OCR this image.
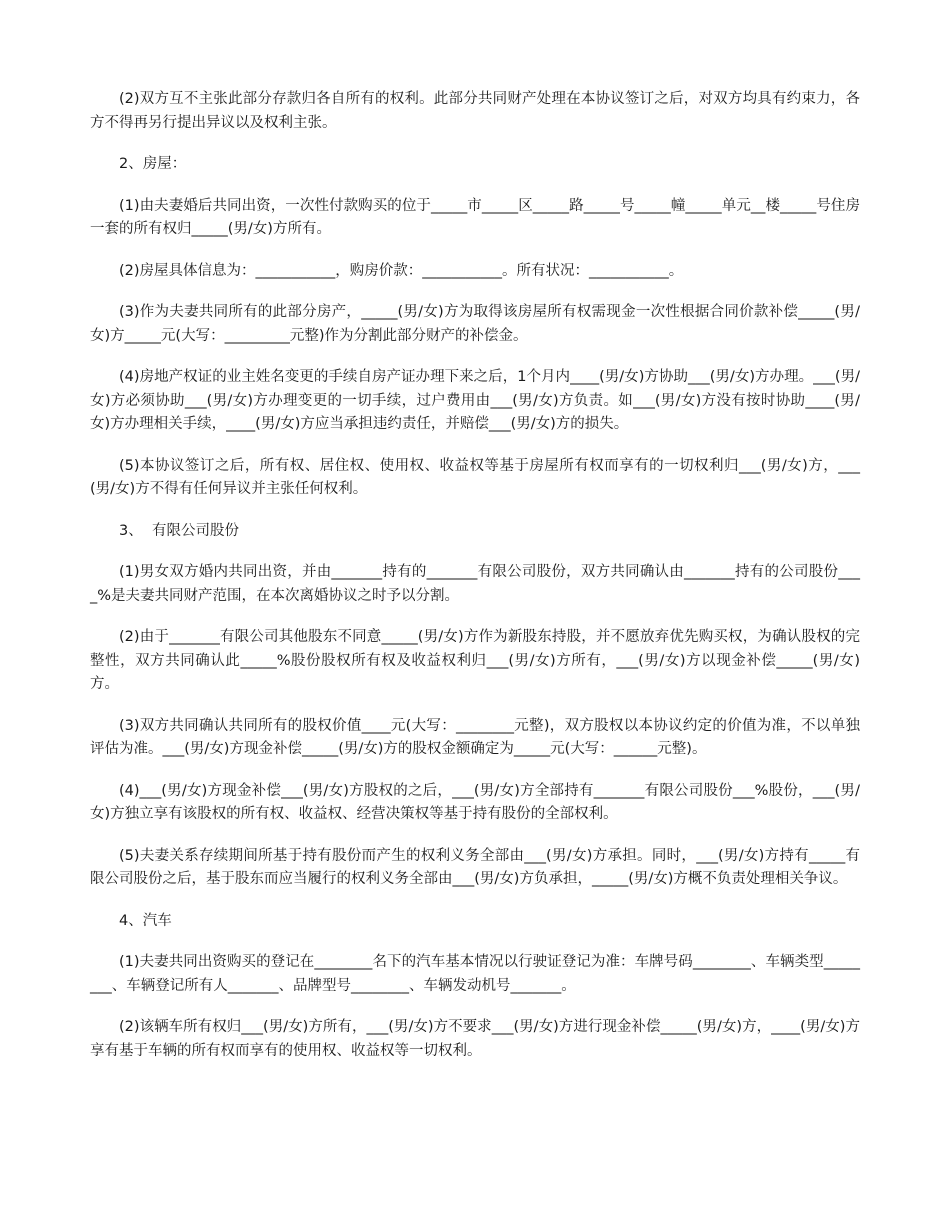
(2)双方互不主张此部分存款归各自所有的权利。此部分共同财产处理在本协议签订之后，对双方均具有约束力，各方不得再另行提出异议以及权利主张。

2、房屋：

(1)由夫妻婚后共同出资，一次性付款购买的位于_____市_____区_____路_____号_____幢_____单元__楼_____号住房一套的所有权归_____(男/女)方所有。

(2)房屋具体信息为：___________，购房价款：___________。所有状况：___________。

(3)作为夫妻共同所有的此部分房产，_____(男/女)方为取得该房屋所有权需现金一次性根据合同价款补偿_____(男/女)方_____元(大写：_________元整)作为分割此部分财产的补偿金。

(4)房地产权证的业主姓名变更的手续自房产证办理下来之后，1个月内____(男/女)方协助___(男/女)方办理。___(男/女)方必须协助___(男/女)方办理变更的一切手续，过户费用由___(男/女)方负责。如___(男/女)方没有按时协助____(男/女)方办理相关手续，____(男/女)方应当承担违约责任，并赔偿___(男/女)方的损失。

(5)本协议签订之后，所有权、居住权、使用权、收益权等基于房屋所有权而享有的一切权利归___(男/女)方，___(男/女)方不得有任何异议并主张任何权利。

3、  有限公司股份

(1)男女双方婚内共同出资，并由_______持有的_______有限公司股份，双方共同确认由_______持有的公司股份____%是夫妻共同财产范围，在本次离婚协议之时予以分割。

(2)由于_______有限公司其他股东不同意_____(男/女)方作为新股东持股，并不愿放弃优先购买权，为确认股权的完整性，双方共同确认此_____%股份股权所有权及收益权利归___(男/女)方所有，___(男/女)方以现金补偿_____(男/女)方。

(3)双方共同确认共同所有的股权价值____元(大写：________元整)，双方股权以本协议约定的价值为准，不以单独评估为准。___(男/女)方现金补偿_____(男/女)方的股权金额确定为_____元(大写：______元整)。

(4)___(男/女)方现金补偿___(男/女)方股权的之后，___(男/女)方全部持有_______有限公司股份___%股份，___(男/女)方独立享有该股权的所有权、收益权、经营决策权等基于持有股份的全部权利。

(5)夫妻关系存续期间所基于持有股份而产生的权利义务全部由___(男/女)方承担。同时，___(男/女)方持有_____有限公司股份之后，基于股东而应当履行的权利义务全部由___(男/女)方负承担，_____(男/女)方概不负责处理相关争议。

4、汽车

(1)夫妻共同出资购买的登记在________名下的汽车基本情况以行驶证登记为准：车牌号码________、车辆类型________、车辆登记所有人_______、品牌型号________、车辆发动机号_______。

(2)该辆车所有权归___(男/女)方所有，___(男/女)方不要求___(男/女)方进行现金补偿_____(男/女)方，____(男/女)方享有基于车辆的所有权而享有的使用权、收益权等一切权利。
